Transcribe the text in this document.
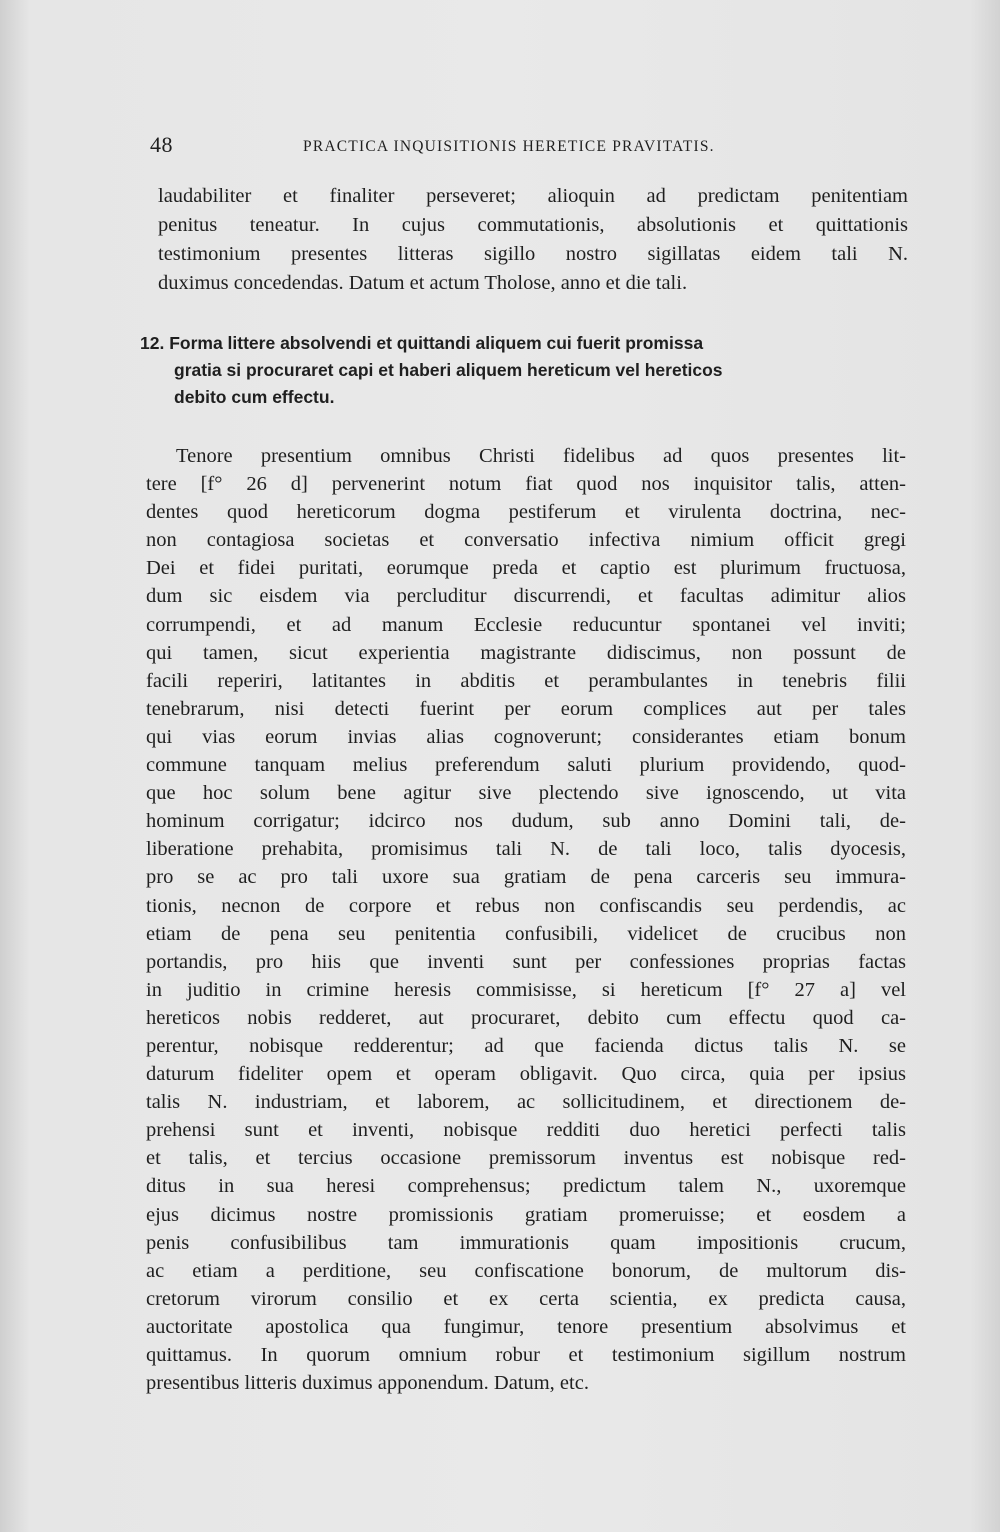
48	PRACTICA INQUISITIONIS HERETICE PRAVITATIS.
laudabiliter et finaliter perseveret; alioquin ad predictam penitentiam
penitus teneatur. In cujus commutationis, absolutionis et quittationis
testimonium presentes litteras sigillo nostro sigillatas eidem tali N.
duximus concedendas. Datum et actum Tholose, anno et die tali.
12. Forma littere absolvendi et quittandi aliquem cui fuerit promissa
gratia si procuraret capi et haberi aliquem hereticum vel hereticos
debito cum effectu.
Tenore presentium omnibus Christi fidelibus ad quos presentes lit-
tere [f° 26 d] pervenerint notum fiat quod nos inquisitor talis, atten-
dentes quod hereticorum dogma pestiferum et virulenta doctrina, nec-
non contagiosa societas et conversatio infectiva nimium officit gregi
Dei et fidei puritati, eorumque preda et captio est plurimum fructuosa,
dum sic eisdem via percluditur discurrendi, et facultas adimitur alios
corrumpendi, et ad manum Ecclesie reducuntur spontanei vel inviti;
qui tamen, sicut experientia magistrante didiscimus, non possunt de
facili reperiri, latitantes in abditis et perambulantes in tenebris filii
tenebrarum, nisi detecti fuerint per eorum complices aut per tales
qui vias eorum invias alias cognoverunt; considerantes etiam bonum
commune tanquam melius preferendum saluti plurium providendo, quod-
que hoc solum bene agitur sive plectendo sive ignoscendo, ut vita
hominum corrigatur; idcirco nos dudum, sub anno Domini tali, de-
liberatione prehabita, promisimus tali N. de tali loco, talis dyocesis,
pro se ac pro tali uxore sua gratiam de pena carceris seu immura-
tionis, necnon de corpore et rebus non confiscandis seu perdendis, ac
etiam de pena seu penitentia confusibili, videlicet de crucibus non
portandis, pro hiis que inventi sunt per confessiones proprias factas
in juditio in crimine heresis commisisse, si hereticum [f° 27 a] vel
hereticos nobis redderet, aut procuraret, debito cum effectu quod ca-
perentur, nobisque redderentur; ad que facienda dictus talis N. se
daturum fideliter opem et operam obligavit. Quo circa, quia per ipsius
talis N. industriam, et laborem, ac sollicitudinem, et directionem de-
prehensi sunt et inventi, nobisque redditi duo heretici perfecti talis
et talis, et tercius occasione premissorum inventus est nobisque red-
ditus in sua heresi comprehensus; predictum talem N., uxoremque
ejus dicimus nostre promissionis gratiam promeruisse; et eosdem a
penis confusibilibus tam immurationis quam impositionis crucum,
ac etiam a perditione, seu confiscatione bonorum, de multorum dis-
cretorum virorum consilio et ex certa scientia, ex predicta causa,
auctoritate apostolica qua fungimur, tenore presentium absolvimus et
quittamus. In quorum omnium robur et testimonium sigillum nostrum
presentibus litteris duximus apponendum. Datum, etc.
